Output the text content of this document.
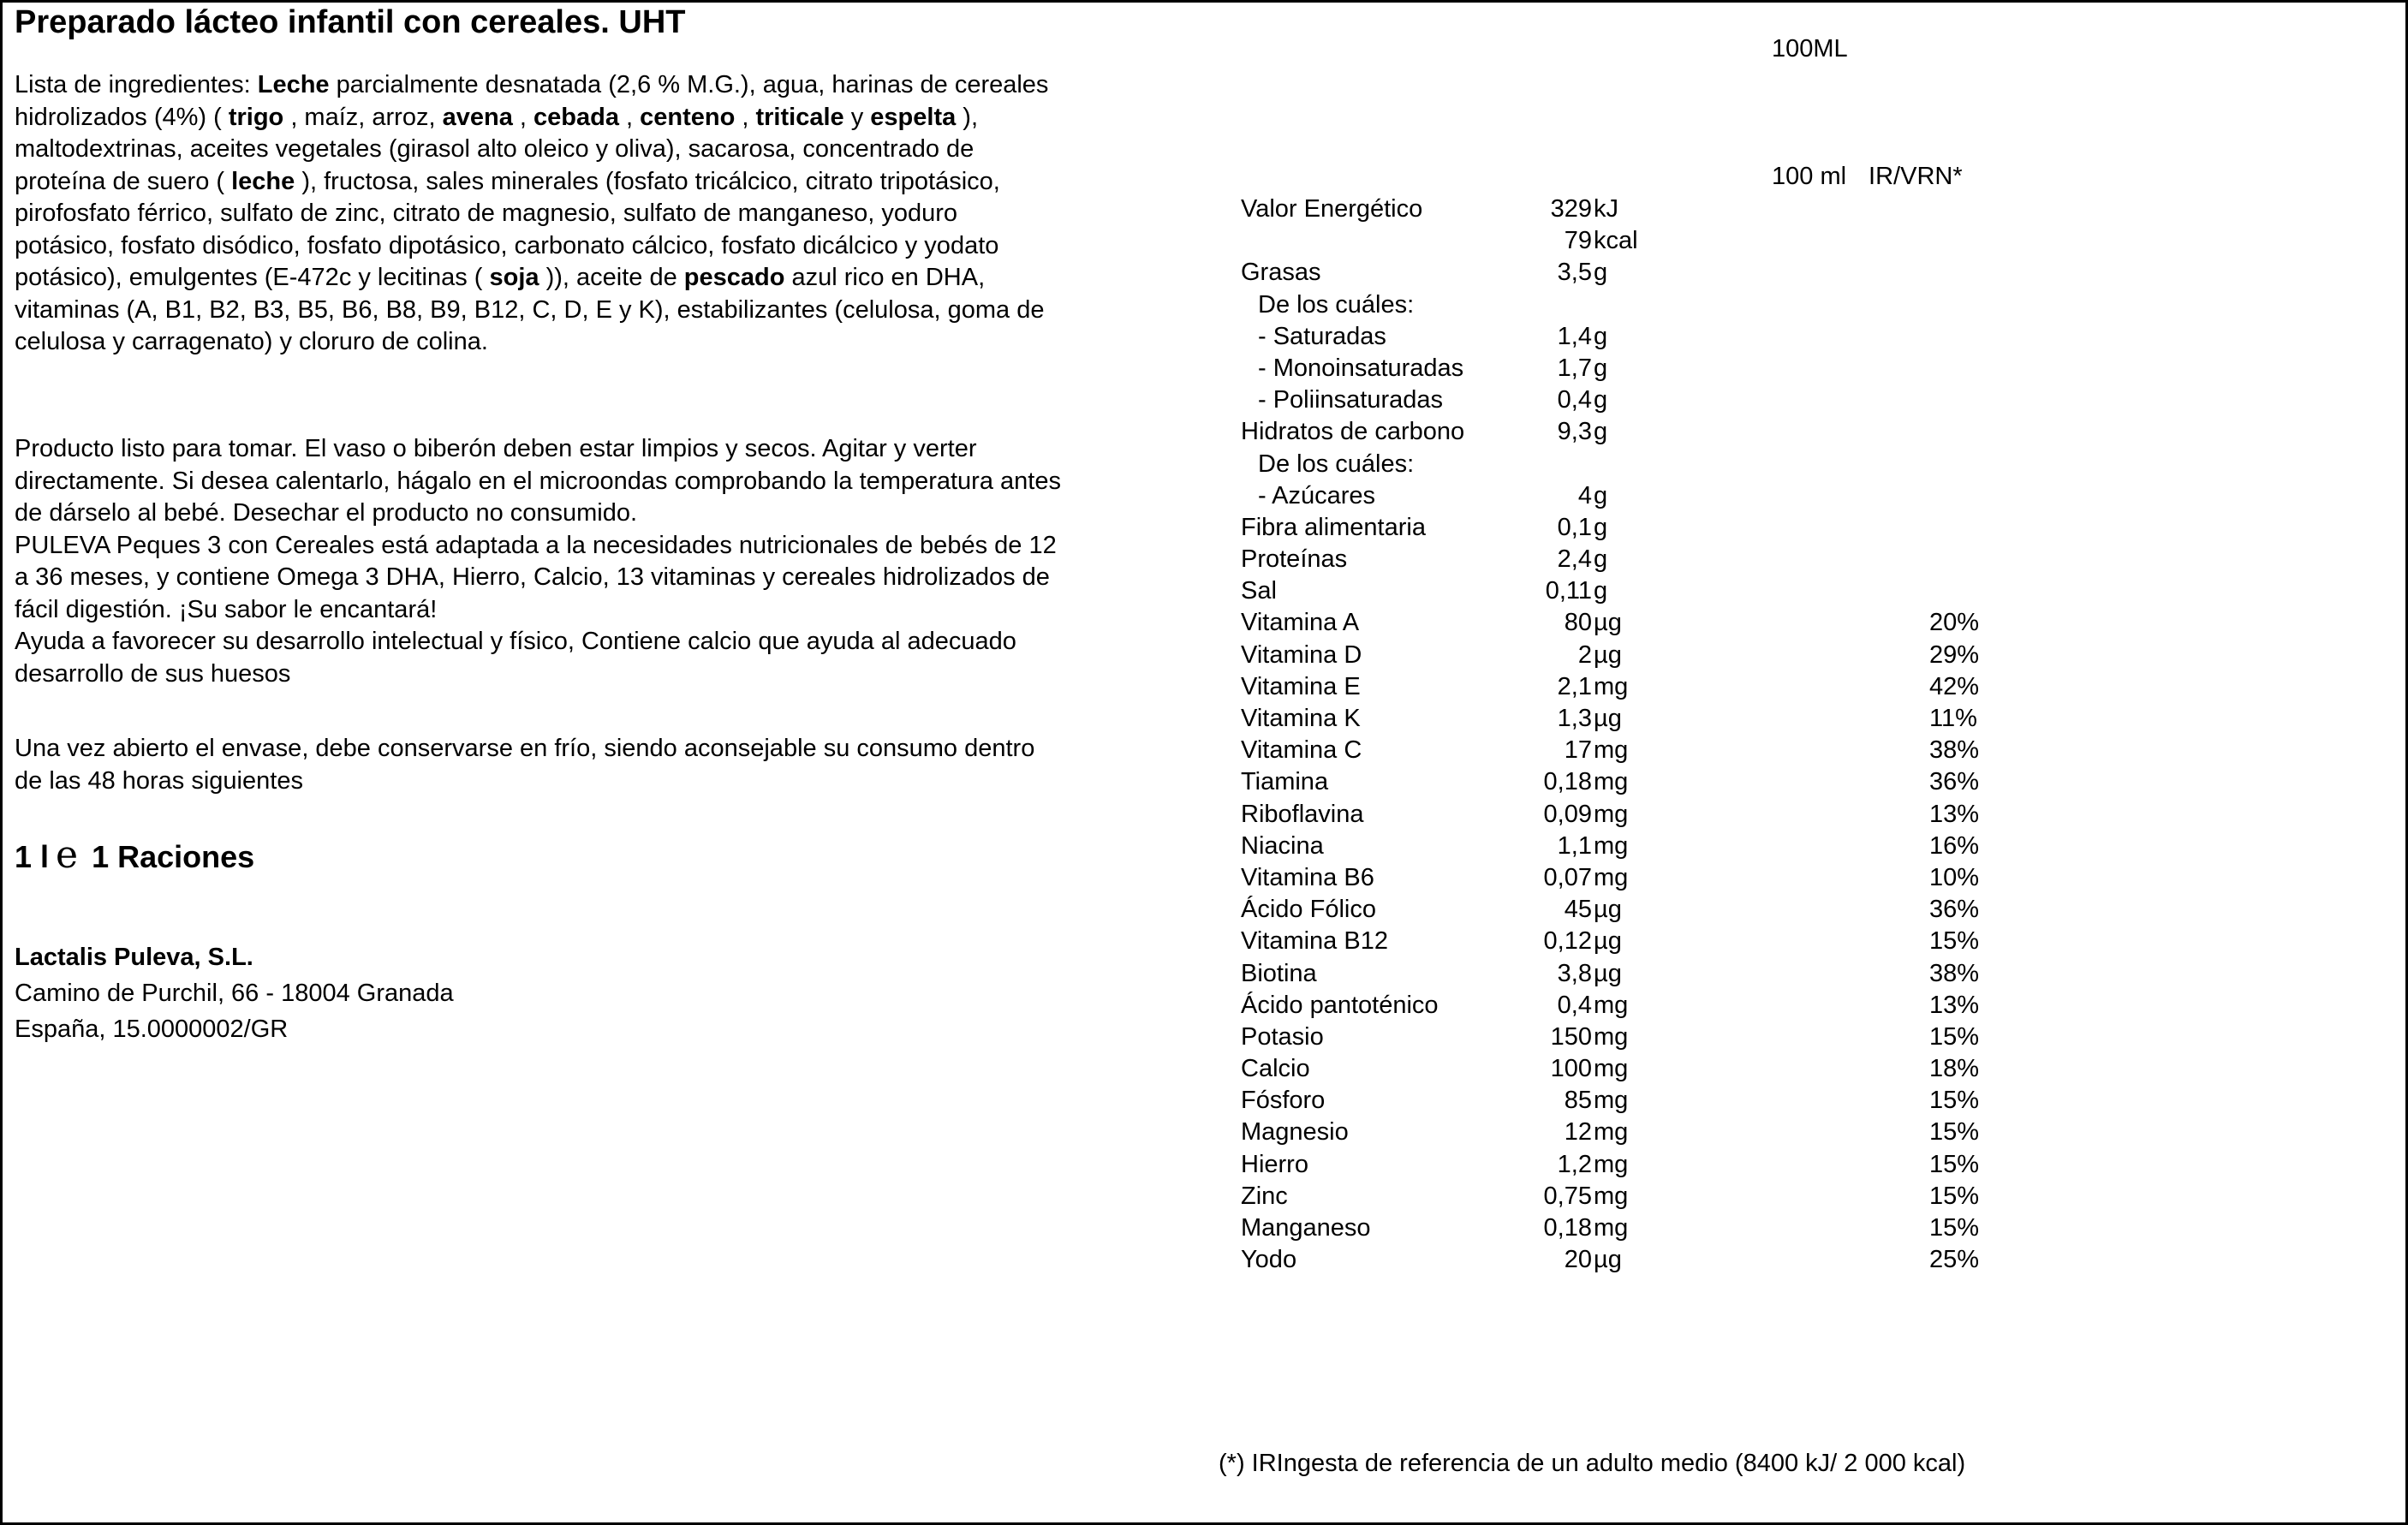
Preparado lácteo infantil con cereales. UHT
Lista de ingredientes: Leche parcialmente desnatada (2,6 % M.G.), agua, harinas de cereales
hidrolizados (4%) ( trigo , maíz, arroz, avena , cebada , centeno , triticale y espelta ),
maltodextrinas, aceites vegetales (girasol alto oleico y oliva), sacarosa, concentrado de
proteína de suero ( leche ), fructosa, sales minerales (fosfato tricálcico, citrato tripotásico,
pirofosfato férrico, sulfato de zinc, citrato de magnesio, sulfato de manganeso, yoduro
potásico, fosfato disódico, fosfato dipotásico, carbonato cálcico, fosfato dicálcico y yodato
potásico), emulgentes (E-472c y lecitinas ( soja )), aceite de pescado azul rico en DHA,
vitaminas (A, B1, B2, B3, B5, B6, B8, B9, B12, C, D, E y K), estabilizantes (celulosa, goma de
celulosa y carragenato) y cloruro de colina.
Producto listo para tomar. El vaso o biberón deben estar limpios y secos. Agitar y verter
directamente. Si desea calentarlo, hágalo en el microondas comprobando la temperatura antes
de dárselo al bebé. Desechar el producto no consumido.
PULEVA Peques 3 con Cereales está adaptada a la necesidades nutricionales de bebés de 12
a 36 meses, y contiene Omega 3 DHA, Hierro, Calcio, 13 vitaminas y cereales hidrolizados de
fácil digestión. ¡Su sabor le encantará!
Ayuda a favorecer su desarrollo intelectual y físico, Contiene calcio que ayuda al adecuado
desarrollo de sus huesos
Una vez abierto el envase, debe conservarse en frío, siendo aconsejable su consumo dentro
de las 48 horas siguientes
1 l e 1 Raciones
Lactalis Puleva, S.L.
Camino de Purchil, 66 - 18004 Granada
España, 15.0000002/GR
100ML
100 ml IR/VRN*
Valor Energético	329 kJ
79 kcal
Grasas	3,5 g
De los cuáles:
- Saturadas	1,4 g
- Monoinsaturadas	1,7 g
- Poliinsaturadas	0,4 g
Hidratos de carbono	9,3 g
De los cuáles:
- Azúcares	4 g
Fibra alimentaria	0,1 g
Proteínas	2,4 g
Sal	0,11 g
Vitamina A	80 µg	20%
Vitamina D	2 µg	29%
Vitamina E	2,1 mg	42%
Vitamina K	1,3 µg	11%
Vitamina C	17 mg	38%
Tiamina	0,18 mg	36%
Riboflavina	0,09 mg	13%
Niacina	1,1 mg	16%
Vitamina B6	0,07 mg	10%
Ácido Fólico	45 µg	36%
Vitamina B12	0,12 µg	15%
Biotina	3,8 µg	38%
Ácido pantoténico	0,4 mg	13%
Potasio	150 mg	15%
Calcio	100 mg	18%
Fósforo	85 mg	15%
Magnesio	12 mg	15%
Hierro	1,2 mg	15%
Zinc	0,75 mg	15%
Manganeso	0,18 mg	15%
Yodo	20 µg	25%
(*) IRIngesta de referencia de un adulto medio (8400 kJ/ 2 000 kcal)
